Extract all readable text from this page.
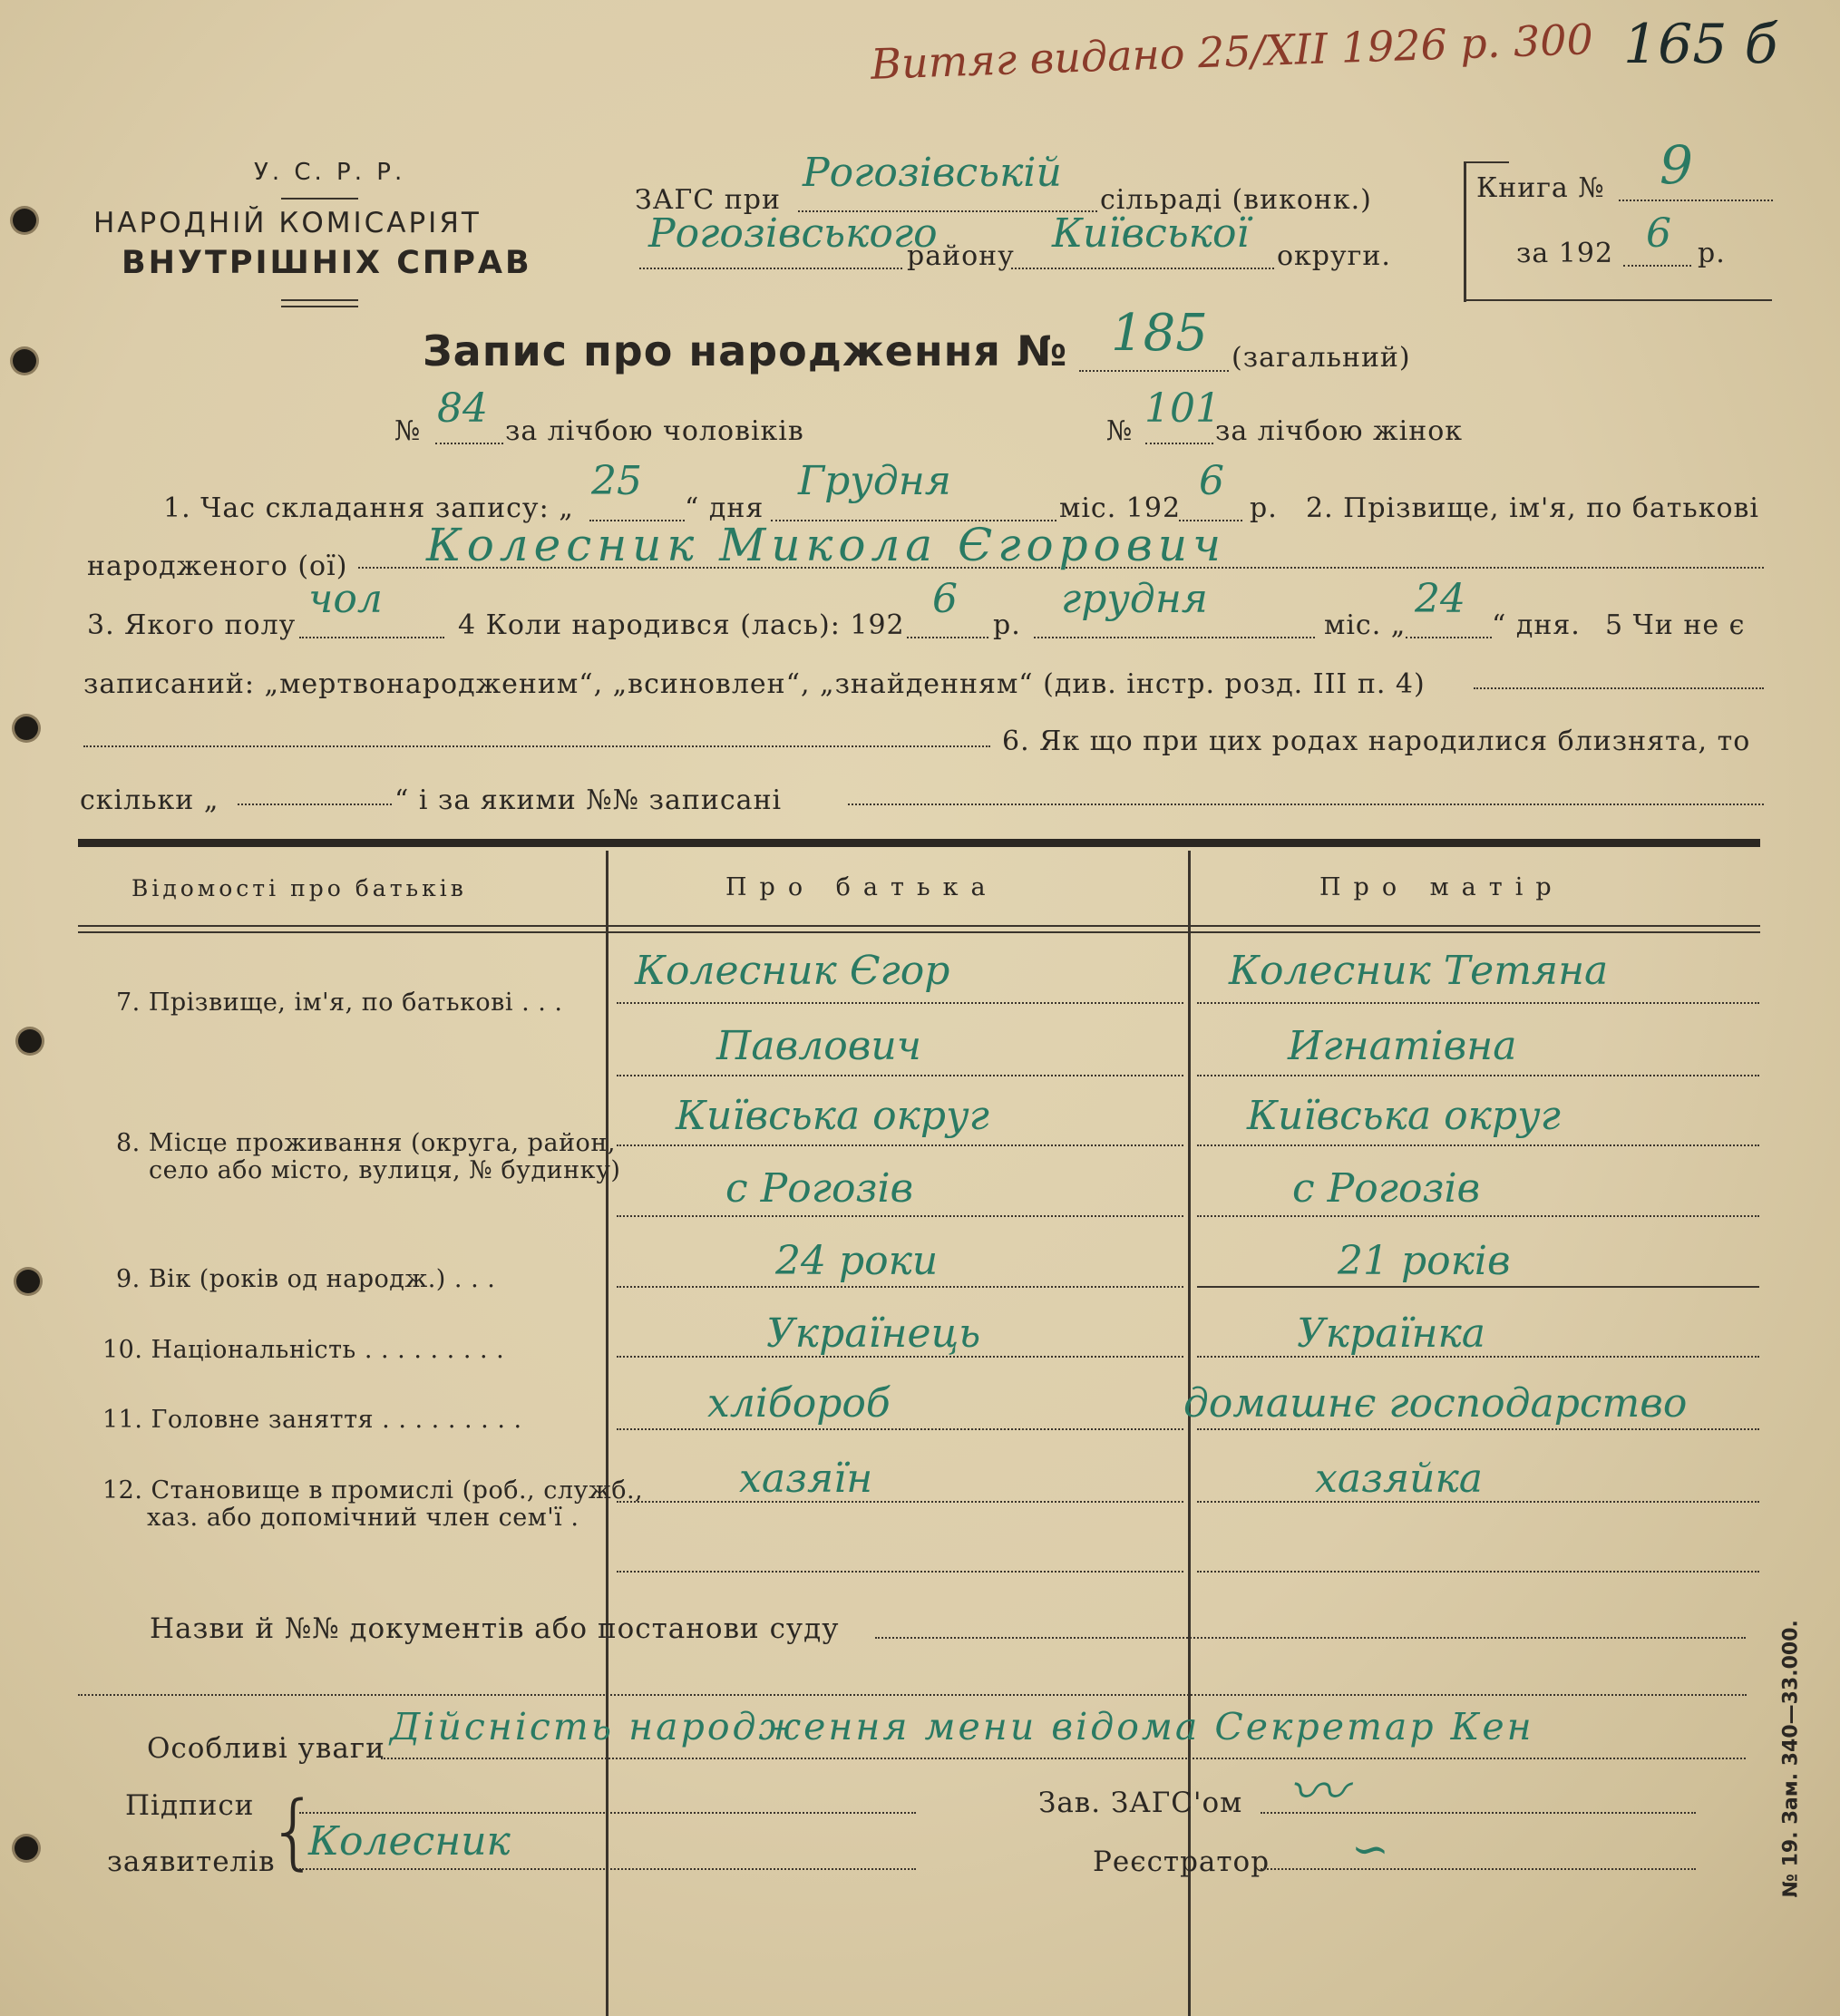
Витяг видано 25/XII 1926 р. 300 165 б
У. С. Р. Р.
НАРОДНІЙ КОМІСАРІЯТ
ВНУТРІШНІХ СПРАВ
ЗАГС при
Рогозівській
сільраді (виконк.)
Рогозівського
району Київської округи.
Книга № 9
за 192 6 р.
Запис про народження № 185 (загальний)
№ 84 за лічбою чоловіків	№ 101
за лічбою жінок
1. Час складання запису: „
25
“ дня
Грудня
міс. 192
6
р. 2. Прізвище, ім'я, по батькові
народженого (ої) Колесник Микола Єгорович
3. Якого полу
чол
4 Коли народився (лась): 192
6
р.
грудня
міс. „
24
“ дня. 5 Чи не є
записаний: „мертвонародженим“, „всиновлен“, „знайденням“ (див. інстр. розд. III п. 4)
6. Як що при цих родах народилися близнята, то
скільки „	“ і за якими №№ записані
Відомості про батьків	Про батька	Про матір
7. Прізвище, ім'я, по батькові . . .
Колесник Єгор	Колесник Тетяна
Павлович	Игнатівна
8. Місце проживання (округа, район,
село або місто, вулиця, № будинку)
Київська округ	Київська округ
с Рогозів	с Рогозів
9. Вік (років од народж.) . . .	24 роки	21 років
10. Національність . . . . . . . . .	Українець	Українка
11. Головне заняття . . . . . . . . .	хлібороб	домашнє господарство
12. Становище в промислі (роб., служб.,
хаз. або допомічний член сем'ї .
хазяїн	хазяйка
Назви й №№ документів або постанови суду
Особливі уваги Дійсність народження мени відома Секретар Кен
Підписи
заявителів
{
Колесник
Зав. ЗАГС'ом 〰
Реєстратор ∽	№ 19. Зам. 340—33.000.
